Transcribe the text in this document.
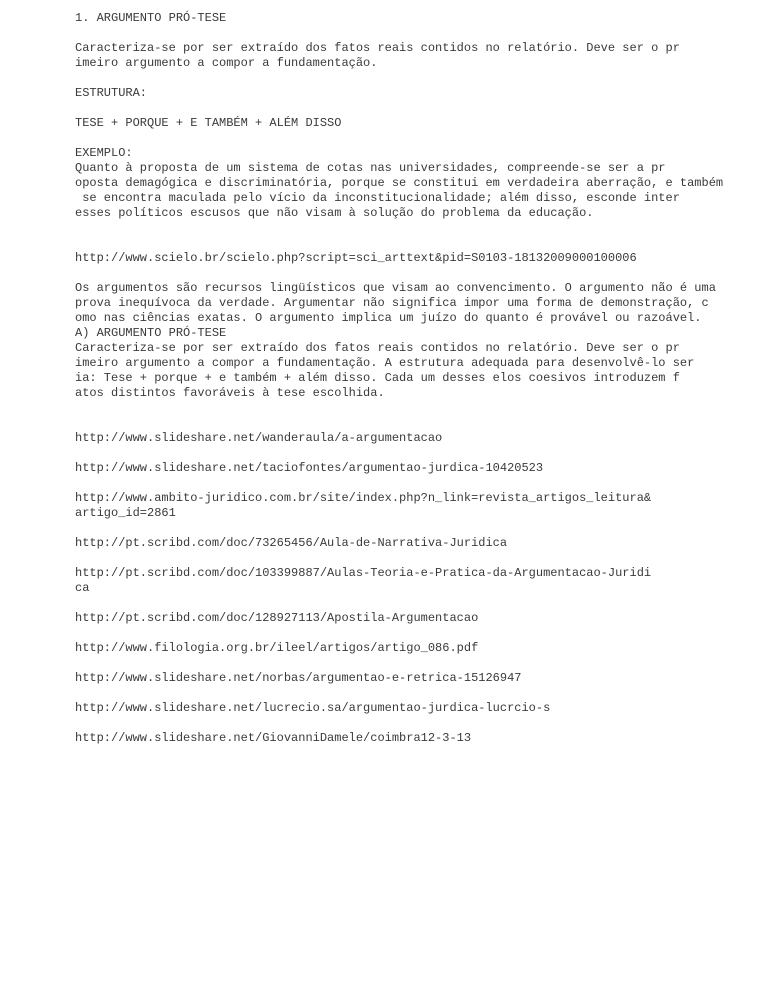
1. ARGUMENTO PRÓ-TESE
Caracteriza-se por ser extraído dos fatos reais contidos no relatório. Deve ser o pr
imeiro argumento a compor a fundamentação.
ESTRUTURA:
TESE + PORQUE + E TAMBÉM + ALÉM DISSO
EXEMPLO:
Quanto à proposta de um sistema de cotas nas universidades, compreende-se ser a pr
oposta demagógica e discriminatória, porque se constitui em verdadeira aberração, e também
se encontra maculada pelo vício da inconstitucionalidade; além disso, esconde inter
esses políticos escusos que não visam à solução do problema da educação.
http://www.scielo.br/scielo.php?script=sci_arttext&pid=S0103-18132009000100006
Os argumentos são recursos lingüísticos que visam ao convencimento. O argumento não é uma
prova inequívoca da verdade. Argumentar não significa impor uma forma de demonstração, c
omo nas ciências exatas. O argumento implica um juízo do quanto é provável ou razoável.
A) ARGUMENTO PRÓ-TESE
Caracteriza-se por ser extraído dos fatos reais contidos no relatório. Deve ser o pr
imeiro argumento a compor a fundamentação. A estrutura adequada para desenvolvê-lo ser
ia: Tese + porque + e também + além disso. Cada um desses elos coesivos introduzem f
atos distintos favoráveis à tese escolhida.
http://www.slideshare.net/wanderaula/a-argumentacao
http://www.slideshare.net/taciofontes/argumentao-jurdica-10420523
http://www.ambito-juridico.com.br/site/index.php?n_link=revista_artigos_leitura&
artigo_id=2861
http://pt.scribd.com/doc/73265456/Aula-de-Narrativa-Juridica
http://pt.scribd.com/doc/103399887/Aulas-Teoria-e-Pratica-da-Argumentacao-Juridi
ca
http://pt.scribd.com/doc/128927113/Apostila-Argumentacao
http://www.filologia.org.br/ileel/artigos/artigo_086.pdf
http://www.slideshare.net/norbas/argumentao-e-retrica-15126947
http://www.slideshare.net/lucrecio.sa/argumentao-jurdica-lucrcio-s
http://www.slideshare.net/GiovanniDamele/coimbra12-3-13
